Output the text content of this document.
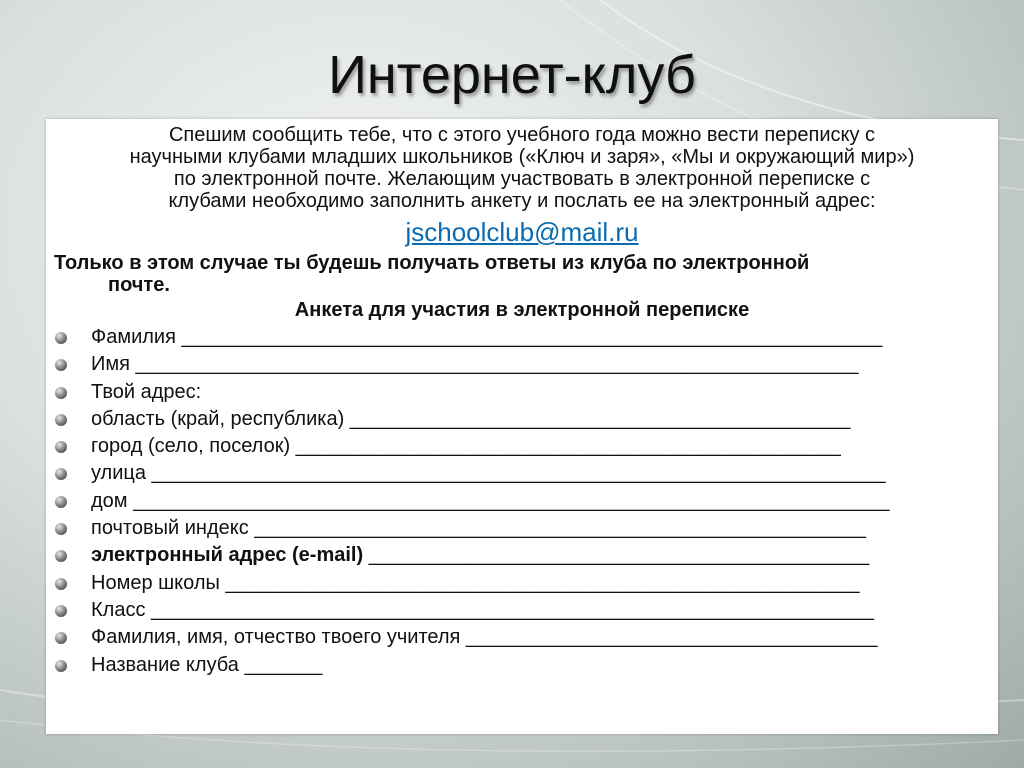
Интернет-клуб
Спешим сообщить тебе, что с этого учебного года можно вести переписку с
научными клубами младших школьников («Ключ и заря», «Мы и окружающий мир»)
по электронной почте. Желающим участвовать в электронной переписке с
клубами необходимо заполнить анкету и послать ее на электронный адрес:
jschoolclub@mail.ru
Только в этом случае ты будешь получать ответы из клуба по электронной
почте.
Анкета для участия в электронной переписке
Фамилия _______________________________________________________________
Имя _________________________________________________________________
Твой адрес:
область (край, республика) _____________________________________________
город (село, поселок) _________________________________________________
улица __________________________________________________________________
дом ____________________________________________________________________
почтовый индекс _______________________________________________________
электронный адрес (e-mail) _____________________________________________
Номер школы _________________________________________________________
Класс _________________________________________________________________
Фамилия, имя, отчество твоего учителя _____________________________________
Название клуба _______
